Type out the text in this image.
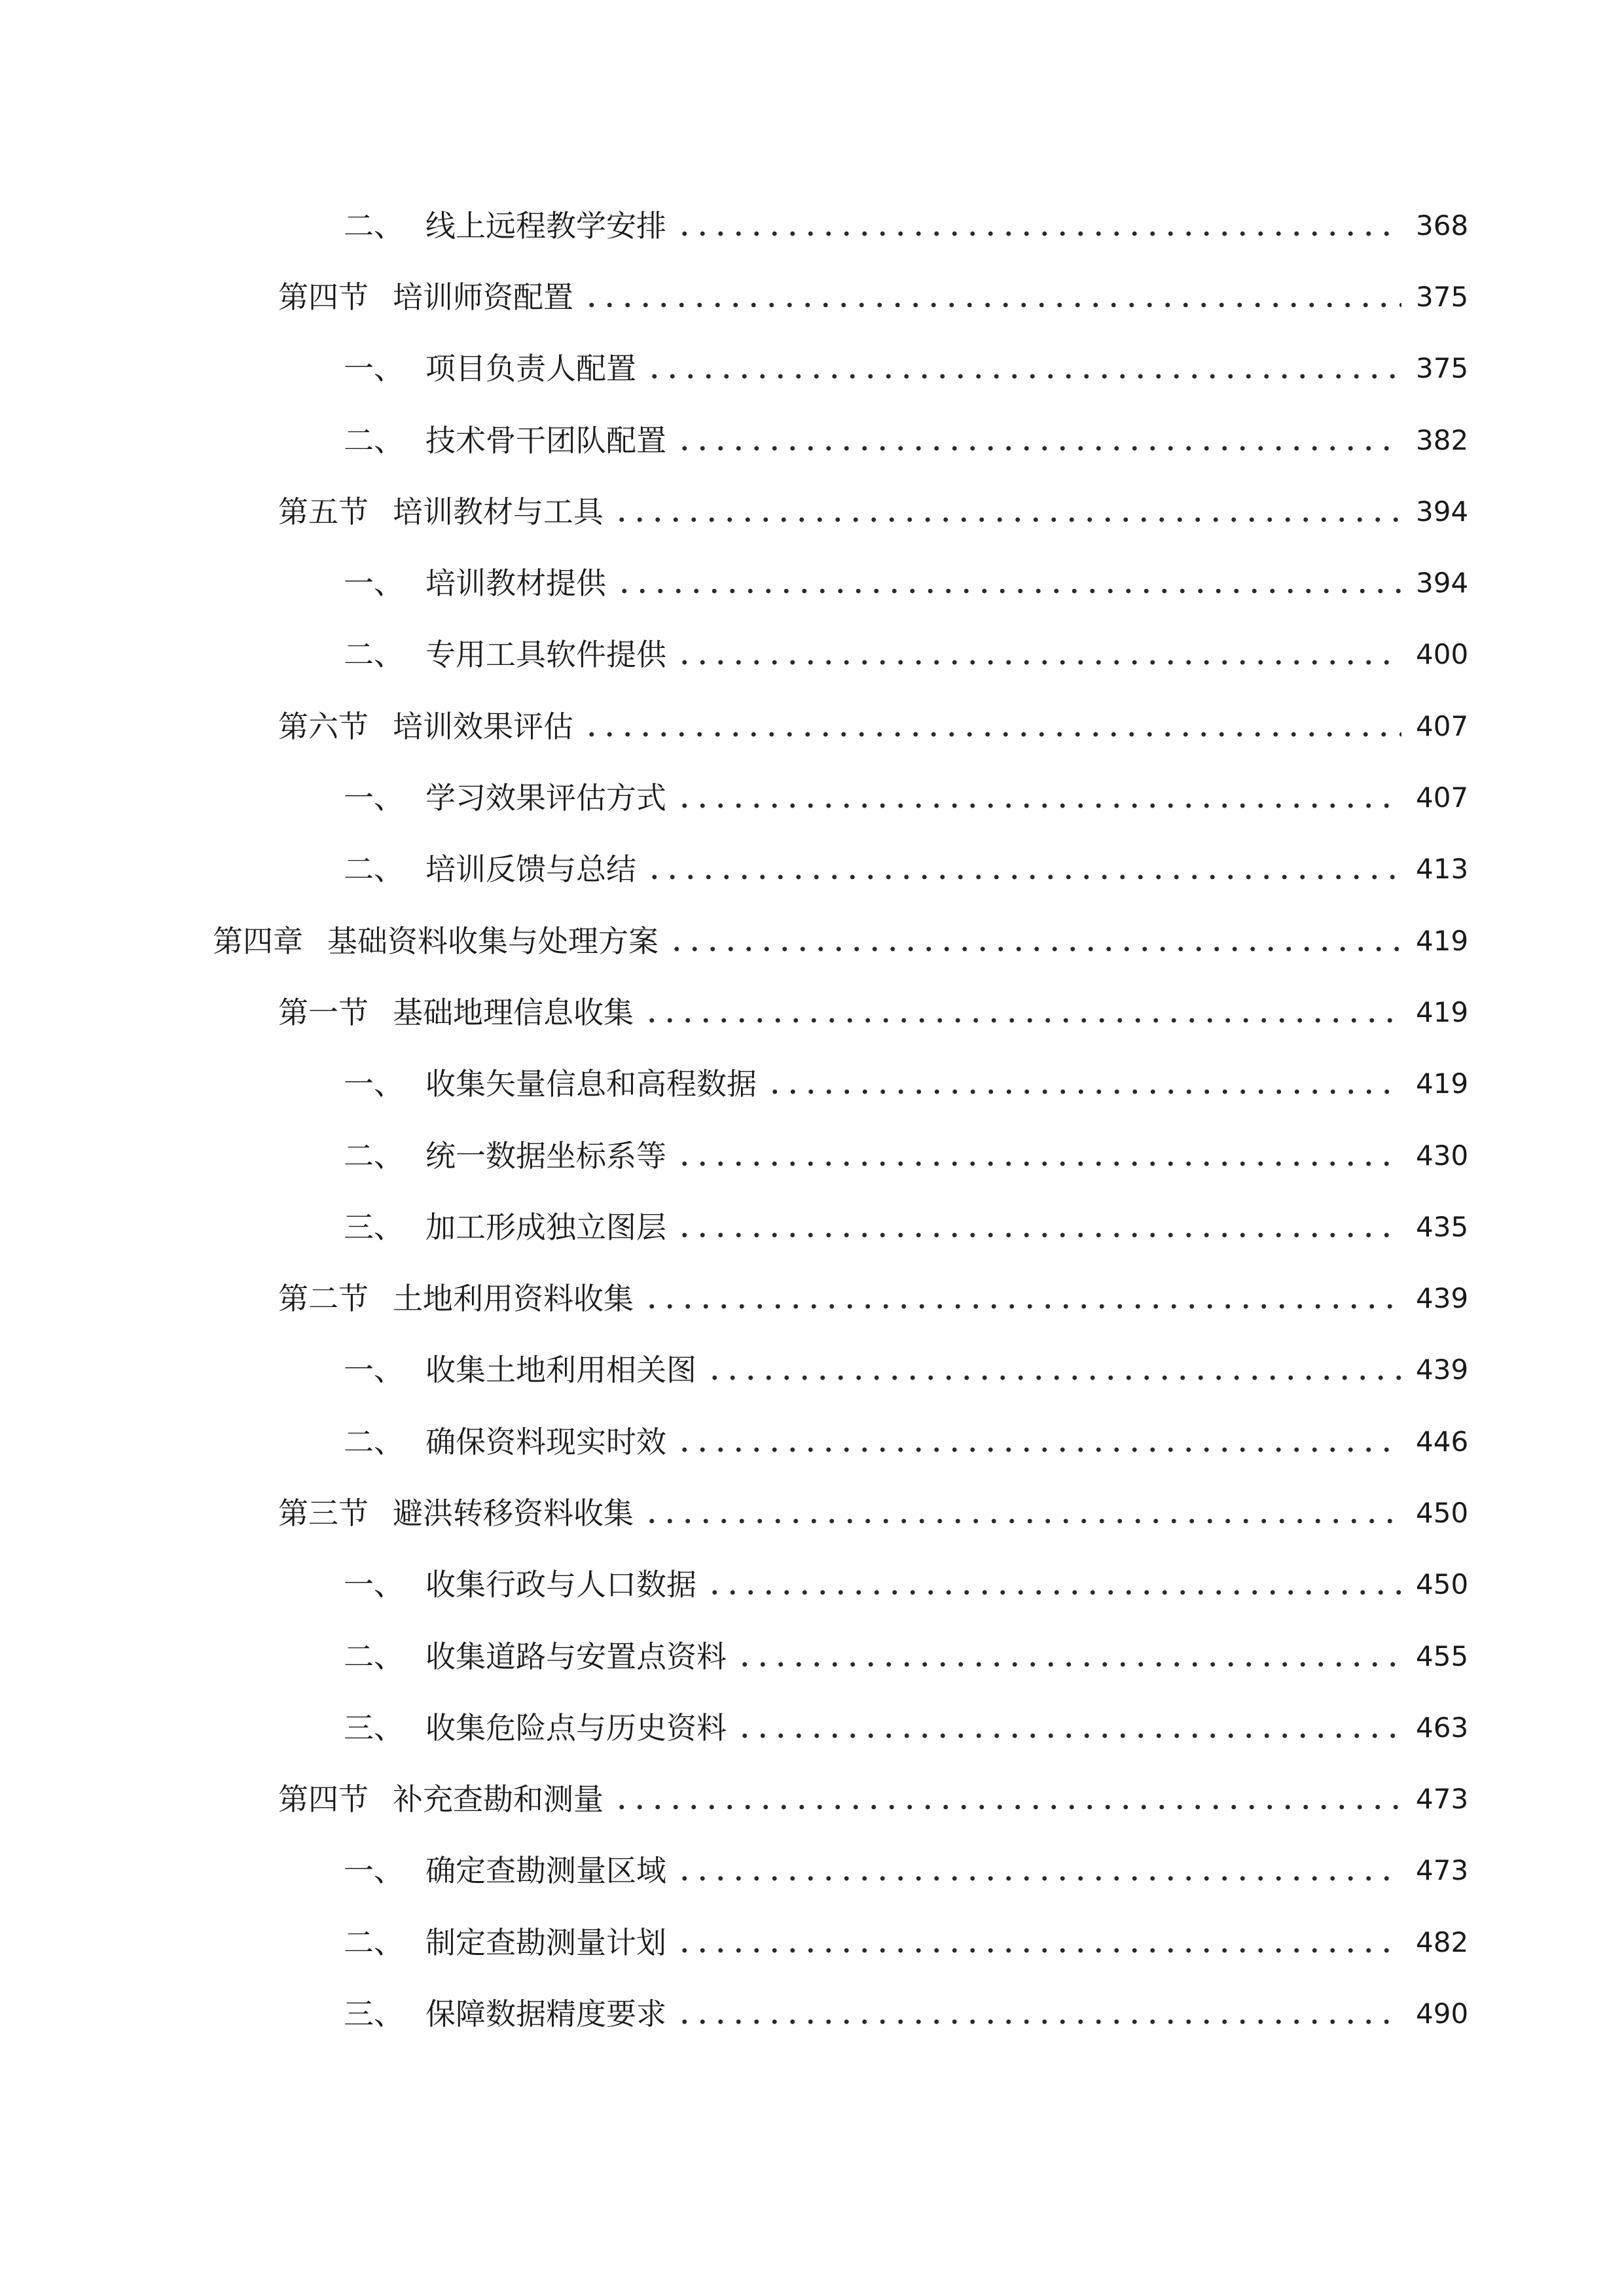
二、 线上远程教学安排	368
第四节 培训师资配置	375
一、 项目负责人配置	375
二、 技术骨干团队配置	382
第五节 培训教材与工具	394
一、 培训教材提供	394
二、 专用工具软件提供	400
第六节 培训效果评估	407
一、 学习效果评估方式	407
二、 培训反馈与总结	413
第四章 基础资料收集与处理方案	419
第一节 基础地理信息收集	419
一、 收集矢量信息和高程数据	419
二、 统一数据坐标系等	430
三、 加工形成独立图层	435
第二节 土地利用资料收集	439
一、 收集土地利用相关图	439
二、 确保资料现实时效	446
第三节 避洪转移资料收集	450
一、 收集行政与人口数据	450
二、 收集道路与安置点资料	455
三、 收集危险点与历史资料	463
第四节 补充查勘和测量	473
一、 确定查勘测量区域	473
二、 制定查勘测量计划	482
三、 保障数据精度要求	490
